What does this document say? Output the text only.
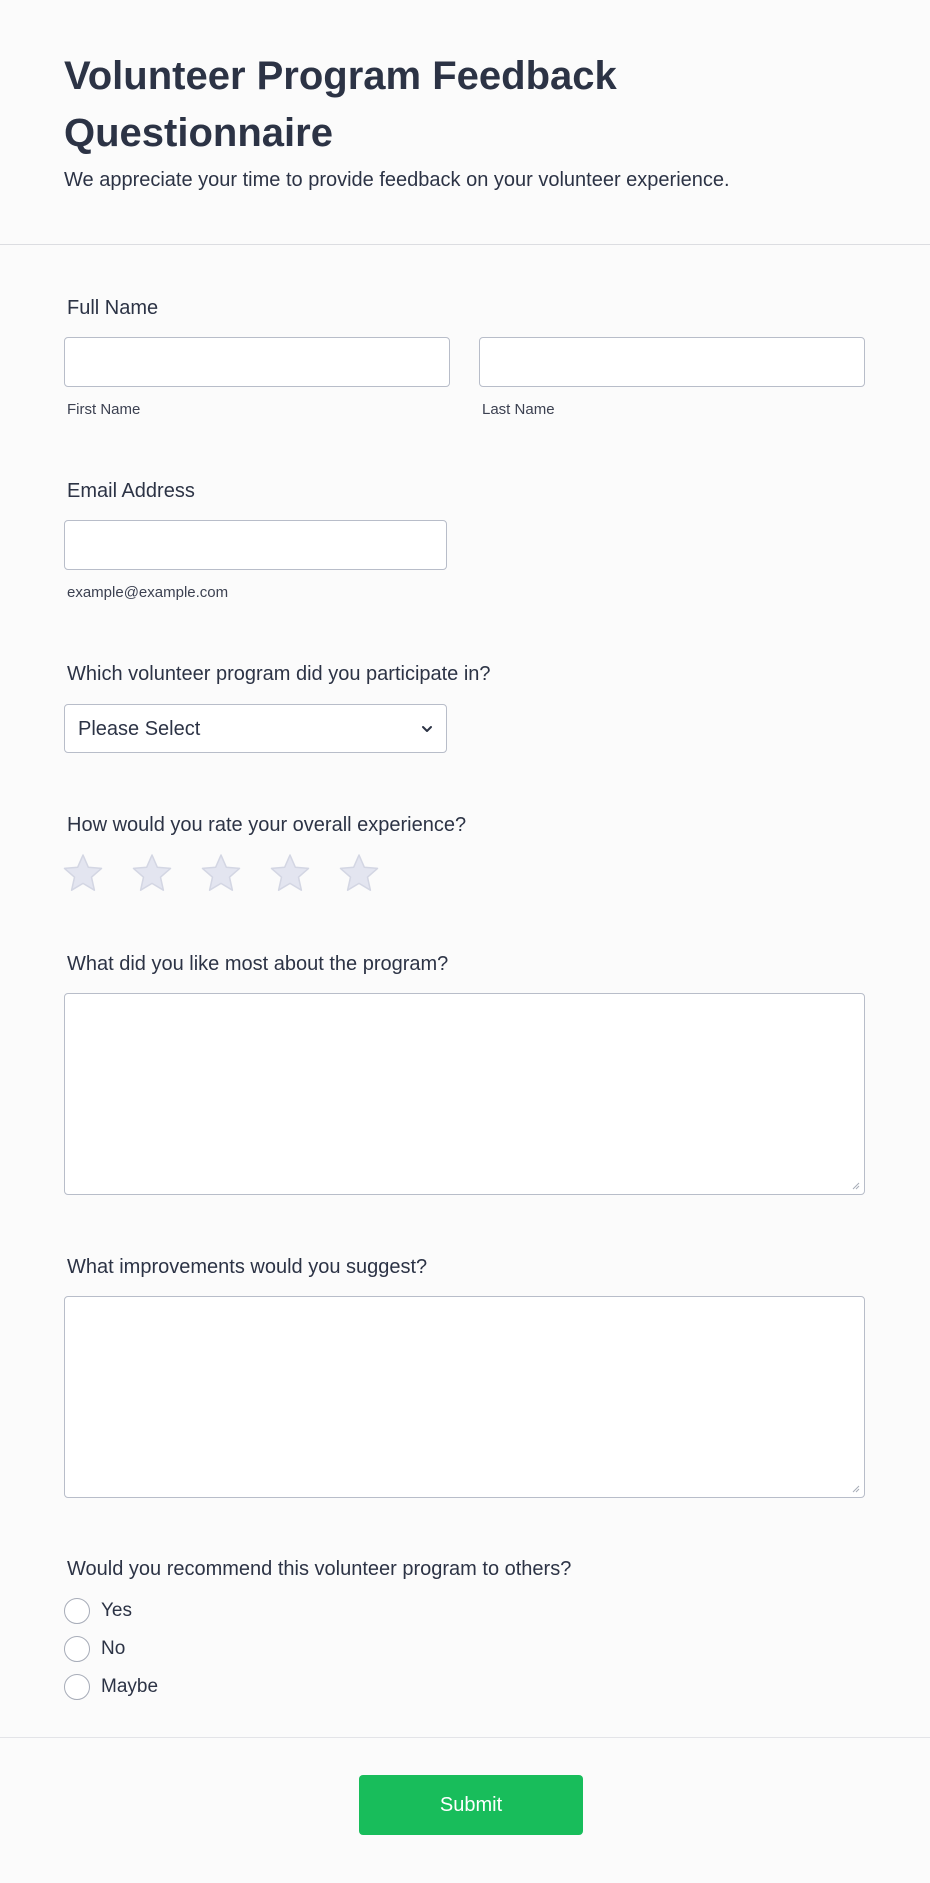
Volunteer Program Feedback Questionnaire

We appreciate your time to provide feedback on your volunteer experience.

Full Name
First Name	Last Name
Email Address
example@example.com
Which volunteer program did you participate in?
Please Select
How would you rate your overall experience?
What did you like most about the program?
What improvements would you suggest?
Would you recommend this volunteer program to others?
Yes
No
Maybe
Submit
